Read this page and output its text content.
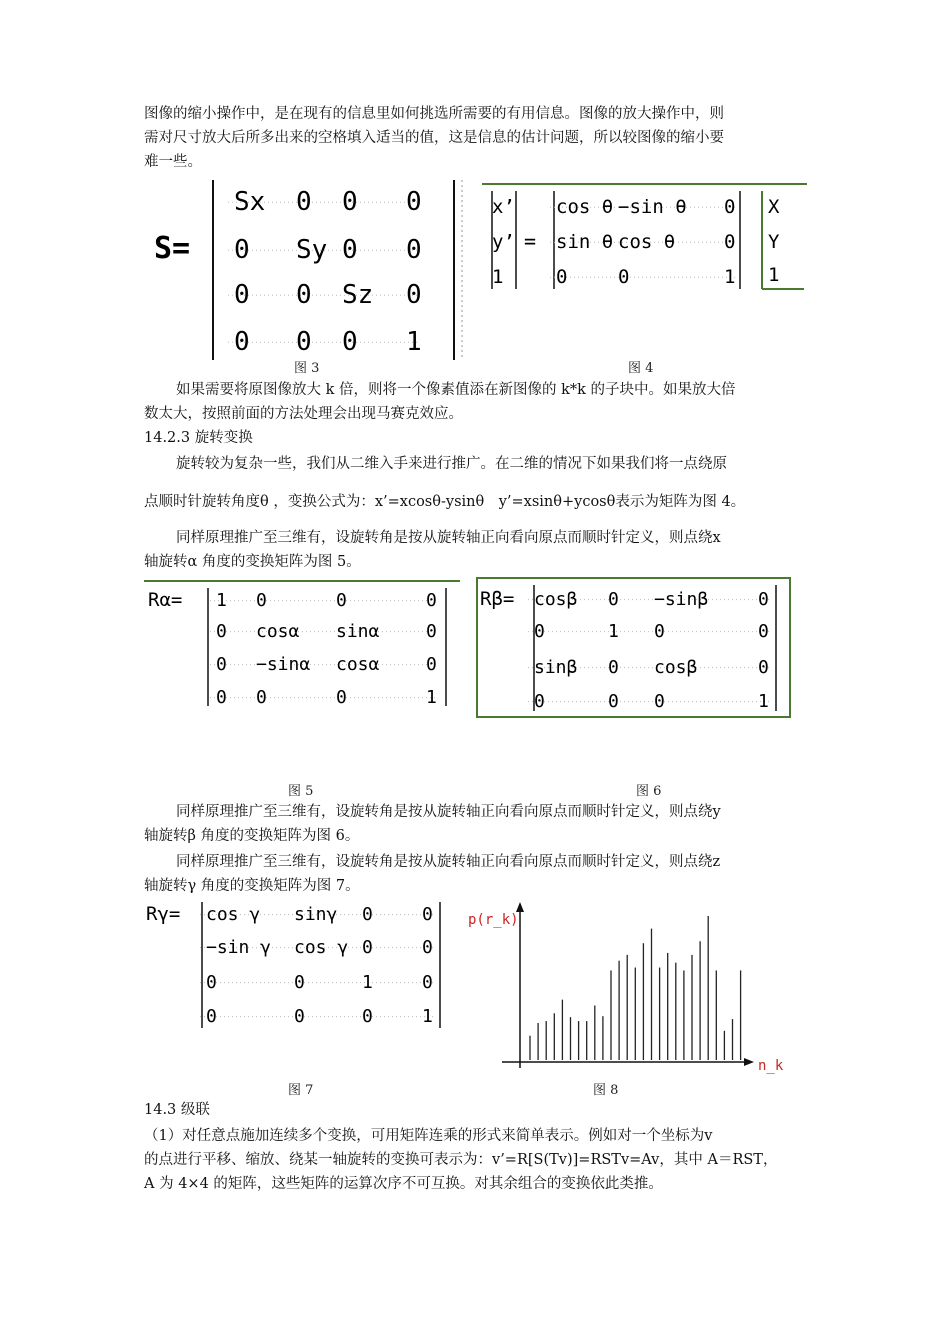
图像的缩小操作中，是在现有的信息里如何挑选所需要的有用信息。图像的放大操作中，则
需对尺寸放大后所多出来的空格填入适当的值，这是信息的估计问题，所以较图像的缩小要
难一些。
S=
Sx 0 0 0
0 Sy 0 0
0 0 Sz 0
0 0 0 1
图 3
x’
y’
1
=
cos θ −sin θ 0
sin θ cos θ	0
0	0	1
X
Y
1
图 4
如果需要将原图像放大 k 倍，则将一个像素值添在新图像的 k*k 的子块中。如果放大倍
数太大，按照前面的方法处理会出现马赛克效应。
14.2.3 旋转变换
旋转较为复杂一些，我们从二维入手来进行推广。在二维的情况下如果我们将一点绕原
点顺时针旋转角度θ ，变换公式为：x’=xcosθ-ysinθ　y’=xsinθ+ycosθ表示为矩阵为图 4。
同样原理推广至三维有，设旋转角是按从旋转轴正向看向原点而顺时针定义，则点绕x
轴旋转α 角度的变换矩阵为图 5。
Rα= 1 0	0	0
0 cosα sinα	0
0 −sinα cosα	0
0 0	0	1
Rβ= cosβ 0 −sinβ	0
0	1 0	0
sinβ 0 cosβ	0
0	0 0	1
图 5	图 6
同样原理推广至三维有，设旋转角是按从旋转轴正向看向原点而顺时针定义，则点绕y
轴旋转β 角度的变换矩阵为图 6。
同样原理推广至三维有，设旋转角是按从旋转轴正向看向原点而顺时针定义，则点绕z
轴旋转γ 角度的变换矩阵为图 7。
Rγ= cos γ sinγ 0	0
−sin γ cos γ 0	0
0	0	1	0
0	0	0	1
p(r_k)
n_k
图 7	图 8
14.3 级联
（1）对任意点施加连续多个变换，可用矩阵连乘的形式来简单表示。例如对一个坐标为v
的点进行平移、缩放、绕某一轴旋转的变换可表示为：v’=R[S(Tv)]=RSTv=Av，其中 A＝RST，
A 为 4×4 的矩阵，这些矩阵的运算次序不可互换。对其余组合的变换依此类推。
